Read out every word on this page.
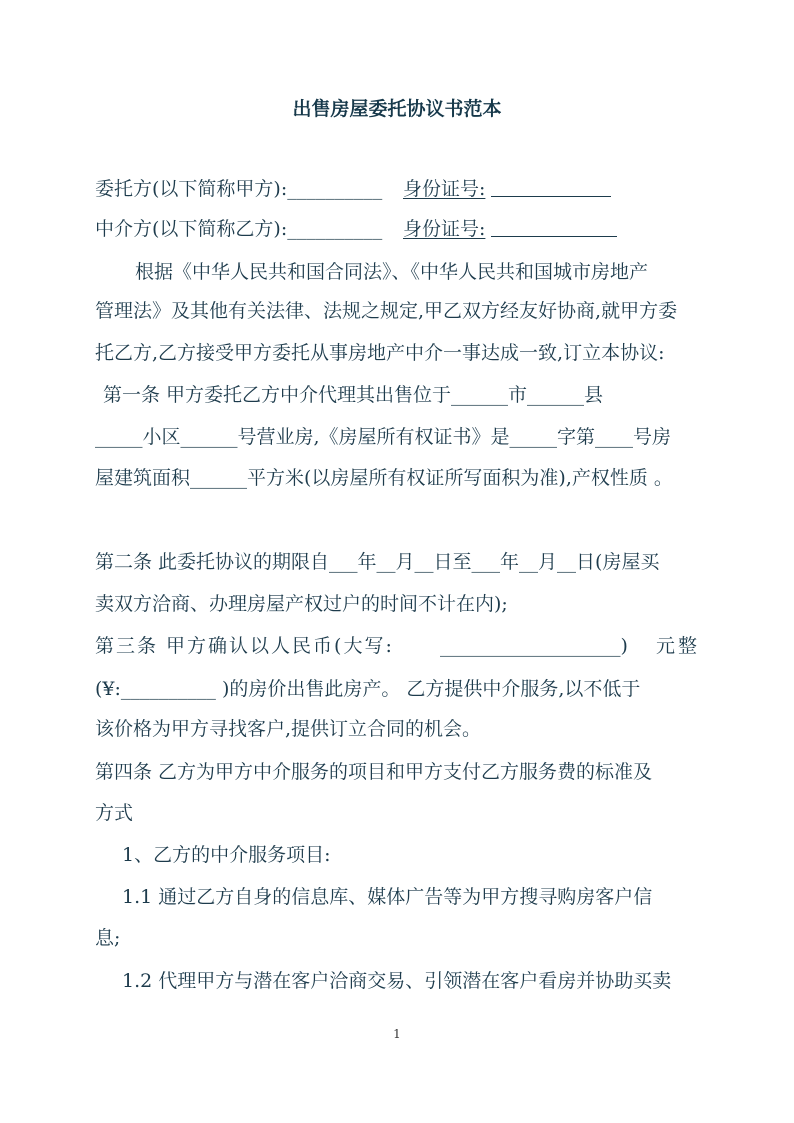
出售房屋委托协议书范本
委托方(以下简称甲方):__________ 身份证号:
中介方(以下简称乙方):__________ 身份证号:
根据《中华人民共和国合同法》、《中华人民共和国城市房地产
管理法》及其他有关法律、法规之规定,甲乙双方经友好协商,就甲方委
托乙方,乙方接受甲方委托从事房地产中介一事达成一致,订立本协议:
第一条 甲方委托乙方中介代理其出售位于______市______县
_____小区______号营业房,《房屋所有权证书》是_____字第____号房
屋建筑面积______平方米(以房屋所有权证所写面积为准),产权性质 。
第二条 此委托协议的期限自___年__月__日至___年__月__日(房屋买
卖双方洽商、办理房屋产权过户的时间不计在内);
第三条 甲方确认以人民币(大写: ___________________) 元整
(¥:__________ )的房价出售此房产。 乙方提供中介服务,以不低于
该价格为甲方寻找客户,提供订立合同的机会。
第四条 乙方为甲方中介服务的项目和甲方支付乙方服务费的标准及
方式
1、乙方的中介服务项目:
1.1 通过乙方自身的信息库、媒体广告等为甲方搜寻购房客户信
息;
1.2 代理甲方与潜在客户洽商交易、引领潜在客户看房并协助买卖
1
